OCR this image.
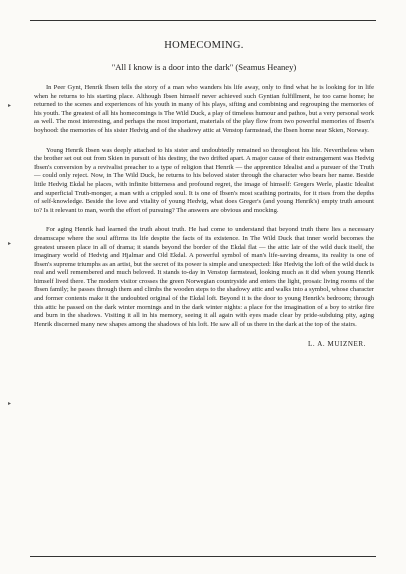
▸
▸
▸
HOMECOMING.
"All I know is a door into the dark" (Seamus Heaney)

In Peer Gynt, Henrik Ibsen tells the story of a man who wanders his life away, only to find what he is looking for in life when he returns to his starting place. Although Ibsen himself never achieved such Gyntian fulfillment, he too came home; he returned to the scenes and experiences of his youth in many of his plays, sifting and combining and regrouping the memories of his youth. The greatest of all his homecomings is The Wild Duck, a play of timeless humour and pathos, but a very personal work as well. The most interesting, and perhaps the most important, materials of the play flow from two powerful memories of Ibsen's boyhood: the memories of his sister Hedvig and of the shadowy attic at Venstop farmstead, the Ibsen home near Skien, Norway.

Young Henrik Ibsen was deeply attached to his sister and undoubtedly remained so throughout his life. Nevertheless when the brother set out out from Skien in pursuit of his destiny, the two drifted apart. A major cause of their estrangement was Hedvig Ibsen's conversion by a revivalist preacher to a type of religion that Henrik — the apprentice Idealist and a pursuer of the Truth — could only reject. Now, in The Wild Duck, he returns to his beloved sister through the character who bears her name. Beside little Hedvig Ekdal he places, with infinite bitterness and profound regret, the image of himself: Gregers Werle, plastic Idealist and superficial Truth-monger, a man with a crippled soul. It is one of Ibsen's most scathing portraits, for it rises from the depths of self-knowledge. Beside the love and vitality of young Hedvig, what does Greger's (and young Henrik's) empty truth amount to? Is it relevant to man, worth the effort of pursuing? The answers are obvious and mocking.

For aging Henrik had learned the truth about truth. He had come to understand that beyond truth there lies a necessary dreamscape where the soul affirms its life despite the facts of its existence. In The Wild Duck that inner world becomes the greatest unseen place in all of drama; it stands beyond the border of the Ekdal flat — the attic lair of the wild duck itself, the imaginary world of Hedvig and Hjalmar and Old Ekdal. A powerful symbol of man's life-saving dreams, its reality is one of Ibsen's supreme triumphs as an artist, but the secret of its power is simple and unexpected: like Hedvig the loft of the wild duck is real and well remembered and much beloved. It stands to-day in Venstop farmstead, looking much as it did when young Henrik himself lived there. The modern visitor crosses the green Norwegian countryside and enters the light, prosaic living rooms of the Ibsen family; he passes through them and climbs the wooden steps to the shadowy attic and walks into a symbol, whose character and former contents make it the undoubted original of the Ekdal loft. Beyond it is the door to young Henrik's bedroom; through this attic he passed on the dark winter mornings and in the dark winter nights: a place for the imagination of a boy to strike fire and burn in the shadows. Visiting it all in his memory, seeing it all again with eyes made clear by pride-subduing pity, aging Henrik discerned many new shapes among the shadows of his loft. He saw all of us there in the dark at the top of the stairs.

L. A. MUIZNER.
